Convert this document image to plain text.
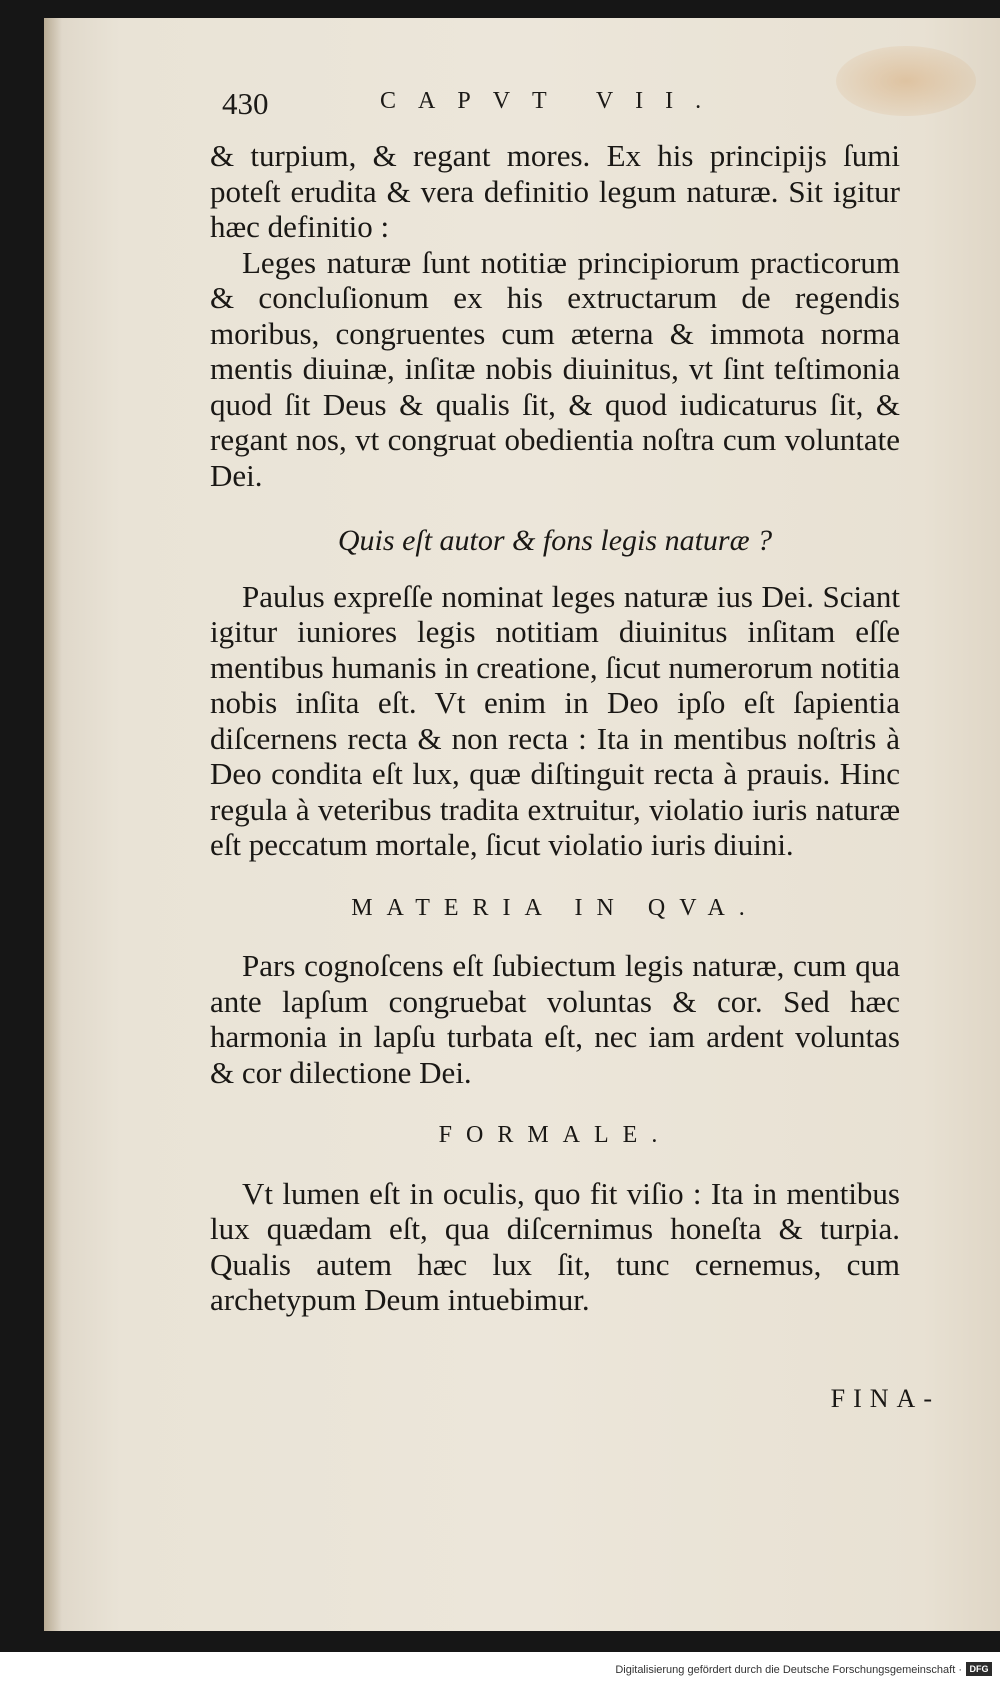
430	CAPVT VII.

& turpium, & regant mores. Ex his principijs ſumi poteſt erudita & vera definitio legum naturæ. Sit igitur hæc definitio :

Leges naturæ ſunt notitiæ principiorum practicorum & concluſionum ex his extructarum de regendis moribus, congruentes cum æterna & immota norma mentis diuinæ, inſitæ nobis diuinitus, vt ſint teſtimonia quod ſit Deus & qualis ſit, & quod iudicaturus ſit, & regant nos, vt congruat obedientia noſtra cum voluntate Dei.

Quis eſt autor & fons legis naturæ ?

Paulus expreſſe nominat leges naturæ ius Dei. Sciant igitur iuniores legis notitiam diuinitus inſitam eſſe mentibus humanis in creatione, ſicut numerorum notitia nobis inſita eſt. Vt enim in Deo ipſo eſt ſapientia diſcernens recta & non recta : Ita in mentibus noſtris à Deo condita eſt lux, quæ diſtinguit recta à prauis. Hinc regula à veteribus tradita extruitur, violatio iuris naturæ eſt peccatum mortale, ſicut violatio iuris diuini.

MATERIA IN QVA.

Pars cognoſcens eſt ſubiectum legis naturæ, cum qua ante lapſum congruebat voluntas & cor. Sed hæc harmonia in lapſu turbata eſt, nec iam ardent voluntas & cor dilectione Dei.

FORMALE.

Vt lumen eſt in oculis, quo fit viſio : Ita in mentibus lux quædam eſt, qua diſcernimus honeſta & turpia. Qualis autem hæc lux ſit, tunc cernemus, cum archetypum Deum intuebimur.

FINA-
Digitalisierung gefördert durch die Deutsche Forschungsgemeinschaft · DFG
